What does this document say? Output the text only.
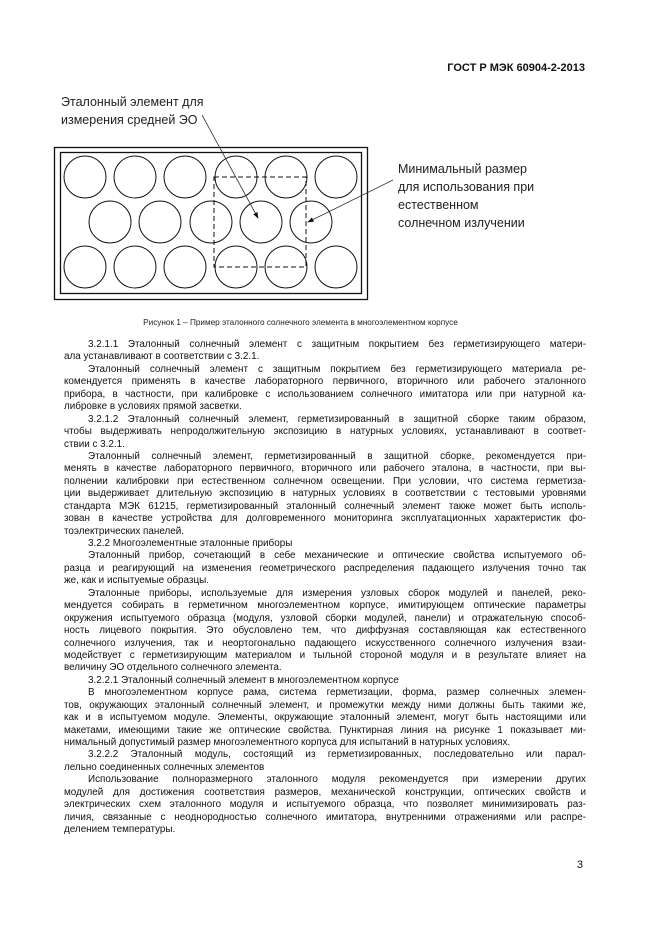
ГОСТ Р МЭК 60904-2-2013
Эталонный элемент для
измерения средней ЭО
Минимальный размер
для использования при
естественном
солнечном излучении
Рисунок 1 – Пример эталонного солнечного элемента в многоэлементном корпусе
3.2.1.1 Эталонный солнечный элемент с защитным покрытием без герметизирующего матери-
ала устанавливают в соответствии с 3.2.1.
Эталонный солнечный элемент с защитным покрытием без герметизирующего материала ре-
комендуется применять в качестве лабораторного первичного, вторичного или рабочего эталонного
прибора, в частности, при калибровке с использованием солнечного имитатора или при натурной ка-
либровке в условиях прямой засветки.
3.2.1.2 Эталонный солнечный элемент, герметизированный в защитной сборке таким образом,
чтобы выдерживать непродолжительную экспозицию в натурных условиях, устанавливают в соответ-
ствии с 3.2.1.
Эталонный солнечный элемент, герметизированный в защитной сборке, рекомендуется при-
менять в качестве лабораторного первичного, вторичного или рабочего эталона, в частности, при вы-
полнении калибровки при естественном солнечном освещении. При условии, что система герметиза-
ции выдерживает длительную экспозицию в натурных условиях в соответствии с тестовыми уровнями
стандарта МЭК 61215, герметизированный эталонный солнечный элемент также может быть исполь-
зован в качестве устройства для долговременного мониторинга эксплуатационных характеристик фо-
тоэлектрических панелей.
3.2.2 Многоэлементные эталонные приборы
Эталонный прибор, сочетающий в себе механические и оптические свойства испытуемого об-
разца и реагирующий на изменения геометрического распределения падающего излучения точно так
же, как и испытуемые образцы.
Эталонные приборы, используемые для измерения узловых сборок модулей и панелей, реко-
мендуется собирать в герметичном многоэлементном корпусе, имитирующем оптические параметры
окружения испытуемого образца (модуля, узловой сборки модулей, панели) и отражательную способ-
ность лицевого покрытия. Это обусловлено тем, что диффузная составляющая как естественного
солнечного излучения, так и неортогонально падающего искусственного солнечного излучения взаи-
модействует с герметизирующим материалом и тыльной стороной модуля и в результате влияет на
величину ЭО отдельного солнечного элемента.
3.2.2.1 Эталонный солнечный элемент в многоэлементном корпусе
В многоэлементном корпусе рама, система герметизации, форма, размер солнечных элемен-
тов, окружающих эталонный солнечный элемент, и промежутки между ними должны быть такими же,
как и в испытуемом модуле. Элементы, окружающие эталонный элемент, могут быть настоящими или
макетами, имеющими такие же оптические свойства. Пунктирная линия на рисунке 1 показывает ми-
нимальный допустимый размер многоэлементного корпуса для испытаний в натурных условиях.
3.2.2.2 Эталонный модуль, состоящий из герметизированных, последовательно или парал-
лельно соединенных солнечных элементов
Использование полноразмерного эталонного модуля рекомендуется при измерении других
модулей для достижения соответствия размеров, механической конструкции, оптических свойств и
электрических схем эталонного модуля и испытуемого образца, что позволяет минимизировать раз-
личия, связанные с неоднородностью солнечного имитатора, внутренними отражениями или распре-
делением температуры.
3
